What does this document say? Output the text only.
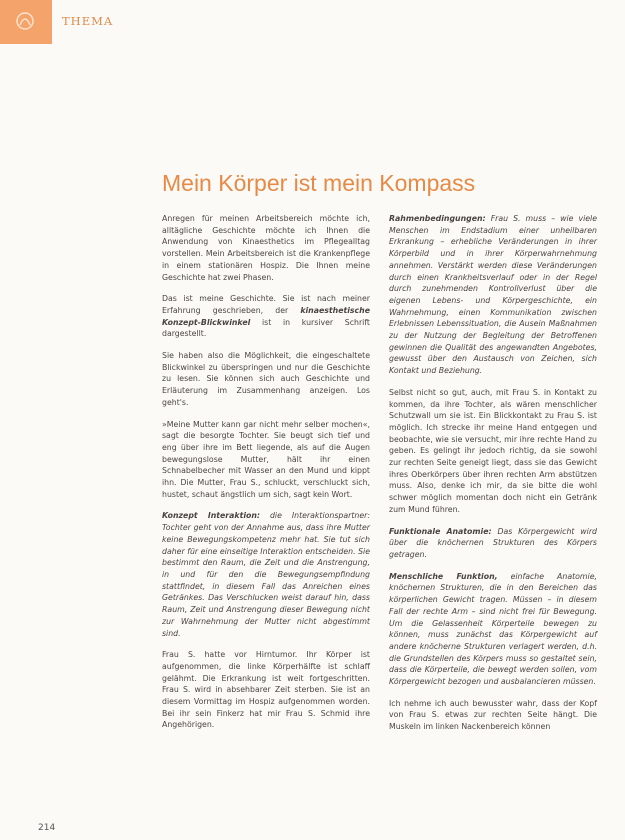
THEMA
Mein Körper ist mein Kompass

Anregen für meinen Arbeitsbereich möchte ich, alltägliche Geschichte möchte ich Ihnen die Anwendung von Kinaesthetics im Pflegealltag vorstellen. Mein Arbeitsbereich ist die Krankenpflege in einem stationären Hospiz. Die Ihnen meine Geschichte hat zwei Phasen.

Das ist meine Geschichte. Sie ist nach meiner Erfahrung geschrieben, der kinaesthetische Konzept-Blickwinkel ist in kursiver Schrift dargestellt.

Sie haben also die Möglichkeit, die eingeschaltete Blickwinkel zu überspringen und nur die Geschichte zu lesen. Sie können sich auch Geschichte und Erläuterung im Zusammenhang anzeigen. Los geht's.

»Meine Mutter kann gar nicht mehr selber mochen«, sagt die besorgte Tochter. Sie beugt sich tief und eng über ihre im Bett liegende, als auf die Augen bewegungslose Mutter, hält ihr einen Schnabelbecher mit Wasser an den Mund und kippt ihn. Die Mutter, Frau S., schluckt, verschluckt sich, hustet, schaut ängstlich um sich, sagt kein Wort.

Konzept Interaktion: die Interaktionspartner: Tochter geht von der Annahme aus, dass ihre Mutter keine Bewegungskompetenz mehr hat. Sie tut sich daher für eine einseitige Interaktion entscheiden. Sie bestimmt den Raum, die Zeit und die Anstrengung, in und für den die Bewegungsempfindung stattfindet, in diesem Fall das Anreichen eines Getränkes. Das Verschlucken weist darauf hin, dass Raum, Zeit und Anstrengung dieser Bewegung nicht zur Wahrnehmung der Mutter nicht abgestimmt sind.

Frau S. hatte vor Hirntumor. Ihr Körper ist aufgenommen, die linke Körperhälfte ist schlaff gelähmt. Die Erkrankung ist weit fortgeschritten. Frau S. wird in absehbarer Zeit sterben. Sie ist an diesem Vormittag im Hospiz aufgenommen worden. Bei ihr sein Finkerz hat mir Frau S. Schmid ihre Angehörigen.

Rahmenbedingungen: Frau S. muss – wie viele Menschen im Endstadium einer unheilbaren Erkrankung – erhebliche Veränderungen in ihrer Körperbild und in ihrer Körperwahrnehmung annehmen. Verstärkt werden diese Veränderungen durch einen Krankheitsverlauf oder in der Regel durch zunehmenden Kontrollverlust über die eigenen Lebens- und Körpergeschichte, ein Wahrnehmung, einen Kommunikation zwischen Erlebnissen Lebenssituation, die Ausein Maßnahmen zu der Nutzung der Begleitung der Betroffenen gewinnen die Qualität des angewandten Angebotes, gewusst über den Austausch von Zeichen, sich Kontakt und Beziehung.

Selbst nicht so gut, auch, mit Frau S. in Kontakt zu kommen, da ihre Tochter, als wären menschlicher Schutzwall um sie ist. Ein Blickkontakt zu Frau S. ist möglich. Ich strecke ihr meine Hand entgegen und beobachte, wie sie versucht, mir ihre rechte Hand zu geben. Es gelingt ihr jedoch richtig, da sie sowohl zur rechten Seite geneigt liegt, dass sie das Gewicht ihres Oberkörpers über ihren rechten Arm abstützen muss. Also, denke ich mir, da sie bitte die wohl schwer möglich momentan doch nicht ein Getränk zum Mund führen.

Funktionale Anatomie: Das Körpergewicht wird über die knöchernen Strukturen des Körpers getragen.

Menschliche Funktion, einfache Anatomie, knöchernen Strukturen, die in den Bereichen das körperlichen Gewicht tragen. Müssen – in diesem Fall der rechte Arm – sind nicht frei für Bewegung. Um die Gelassenheit Körperteile bewegen zu können, muss zunächst das Körpergewicht auf andere knöcherne Strukturen verlagert werden, d.h. die Grundstellen des Körpers muss so gestaltet sein, dass die Körperteile, die bewegt werden sollen, vom Körpergewicht bezogen und ausbalancieren müssen.

Ich nehme ich auch bewusster wahr, dass der Kopf von Frau S. etwas zur rechten Seite hängt. Die Muskeln im linken Nackenbereich können

214
